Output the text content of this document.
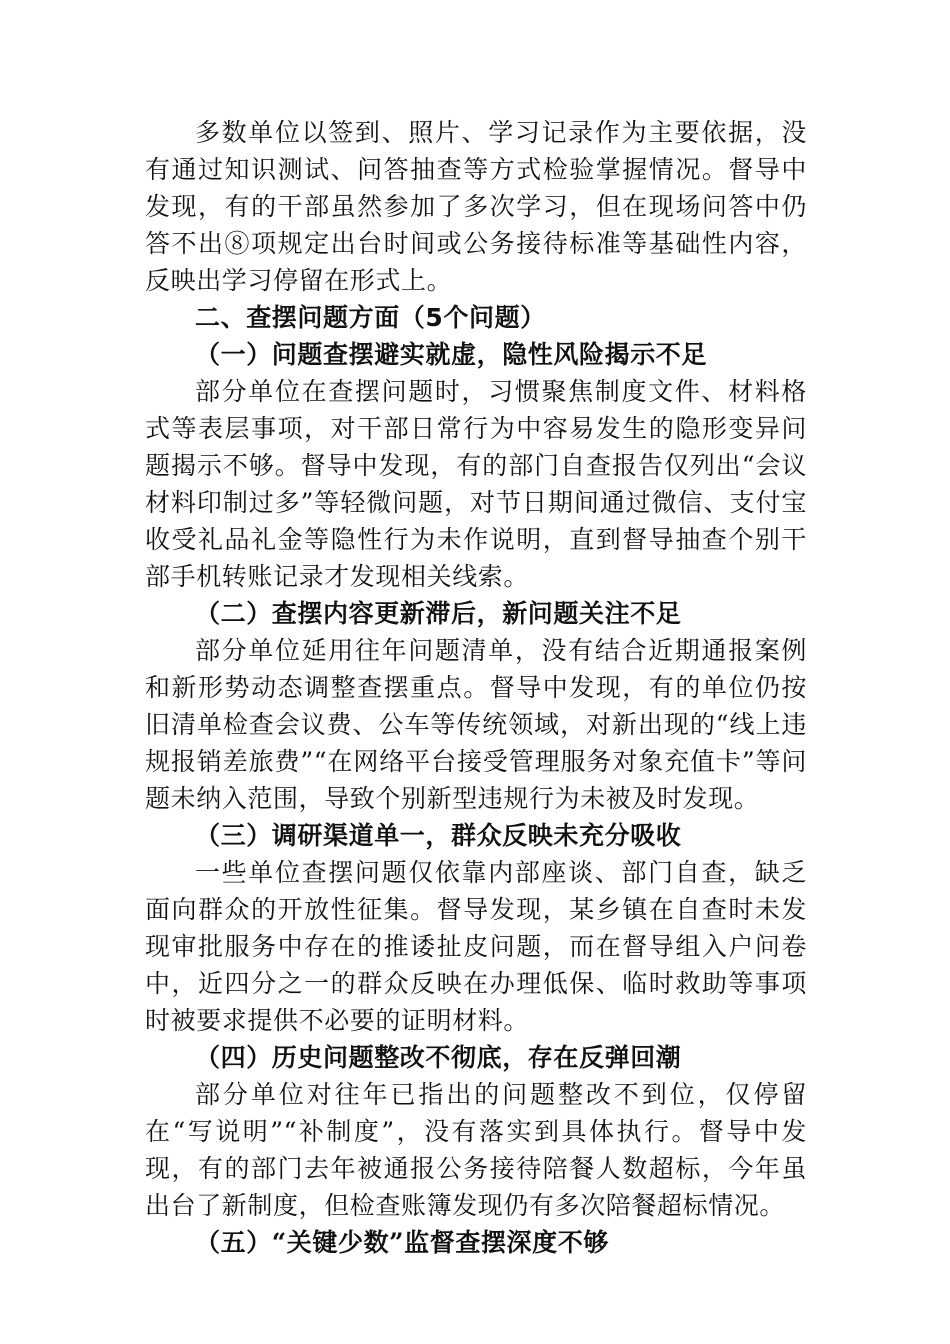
多数单位以签到、照片、学习记录作为主要依据，没有通过知识测试、问答抽查等方式检验掌握情况。督导中发现，有的干部虽然参加了多次学习，但在现场问答中仍答不出⑧项规定出台时间或公务接待标准等基础性内容，反映出学习停留在形式上。

二、查摆问题方面（5个问题）

（一）问题查摆避实就虚，隐性风险揭示不足

部分单位在查摆问题时，习惯聚焦制度文件、材料格式等表层事项，对干部日常行为中容易发生的隐形变异问题揭示不够。督导中发现，有的部门自查报告仅列出“会议材料印制过多”等轻微问题，对节日期间通过微信、支付宝收受礼品礼金等隐性行为未作说明，直到督导抽查个别干部手机转账记录才发现相关线索。

（二）查摆内容更新滞后，新问题关注不足

部分单位延用往年问题清单，没有结合近期通报案例和新形势动态调整查摆重点。督导中发现，有的单位仍按旧清单检查会议费、公车等传统领域，对新出现的“线上违规报销差旅费”“在网络平台接受管理服务对象充值卡”等问题未纳入范围，导致个别新型违规行为未被及时发现。

（三）调研渠道单一，群众反映未充分吸收

一些单位查摆问题仅依靠内部座谈、部门自查，缺乏面向群众的开放性征集。督导发现，某乡镇在自查时未发现审批服务中存在的推诿扯皮问题，而在督导组入户问卷中，近四分之一的群众反映在办理低保、临时救助等事项时被要求提供不必要的证明材料。

（四）历史问题整改不彻底，存在反弹回潮

部分单位对往年已指出的问题整改不到位，仅停留在“写说明”“补制度”，没有落实到具体执行。督导中发现，有的部门去年被通报公务接待陪餐人数超标，今年虽出台了新制度，但检查账簿发现仍有多次陪餐超标情况。

（五）“关键少数”监督查摆深度不够
